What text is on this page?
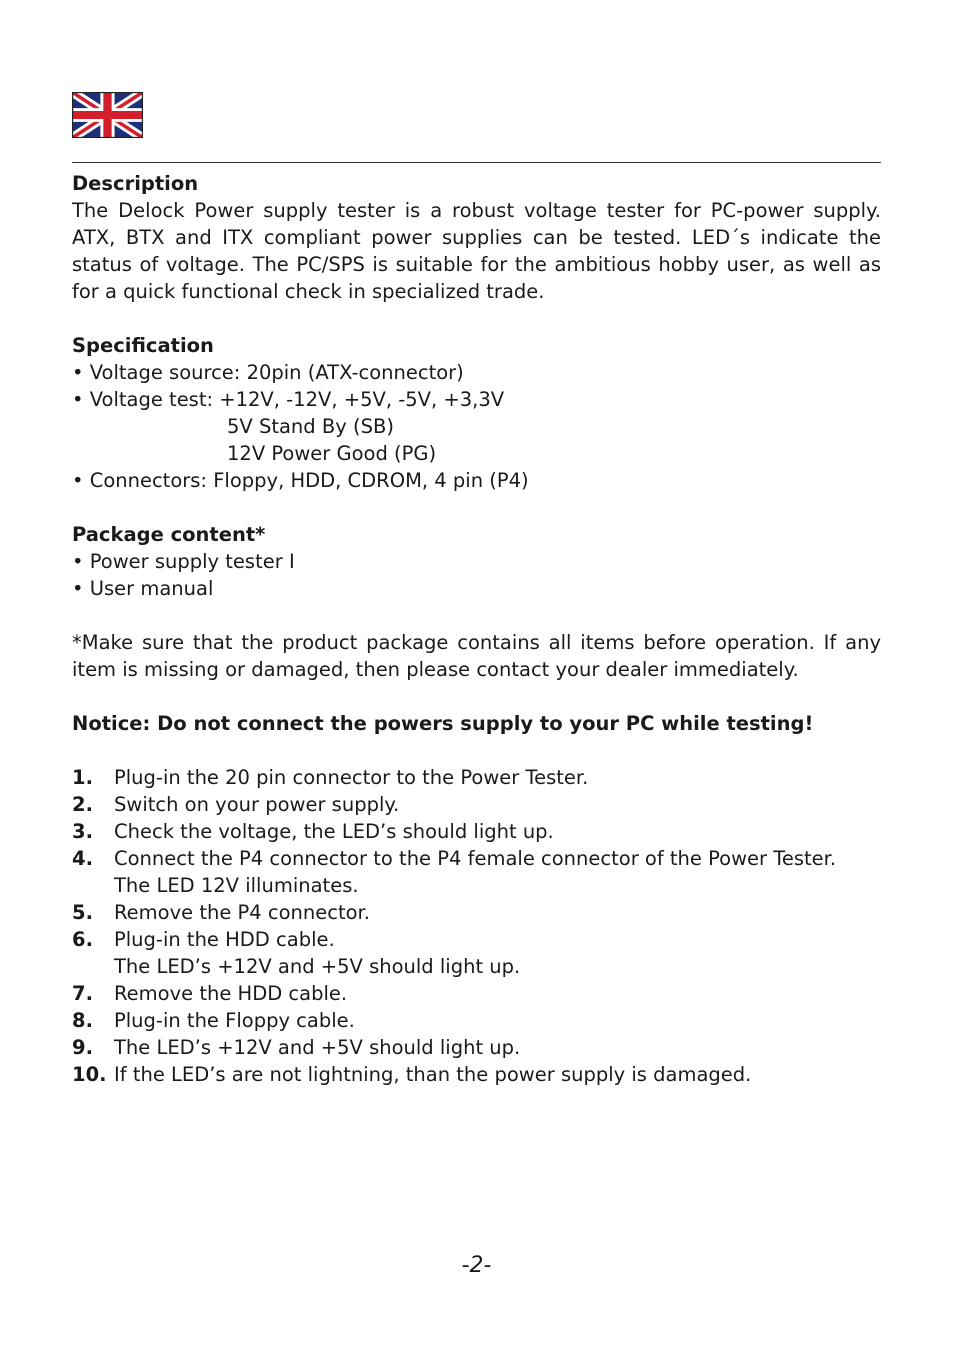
Description

The Delock Power supply tester is a robust voltage tester for PC-power supply. ATX, BTX and ITX compliant power supplies can be tested. LED´s indicate the status of voltage. The PC/SPS is suitable for the ambitious hobby user, as well as for a quick functional check in specialized trade.

Specification

• Voltage source: 20pin (ATX-connector)
• Voltage test: +12V, -12V, +5V, -5V, +3,3V
5V Stand By (SB)
12V Power Good (PG)
• Connectors: Floppy, HDD, CDROM, 4 pin (P4)

Package content*

• Power supply tester I
• User manual

*Make sure that the product package contains all items before operation. If any item is missing or damaged, then please contact your dealer immediately.

Notice: Do not connect the powers supply to your PC while testing!

1. Plug-in the 20 pin connector to the Power Tester.
2. Switch on your power supply.
3. Check the voltage, the LED’s should light up.
4. Connect the P4 connector to the P4 female connector of the Power Tester.
The LED 12V illuminates.
5. Remove the P4 connector.
6. Plug-in the HDD cable.
The LED’s +12V and +5V should light up.
7. Remove the HDD cable.
8. Plug-in the Floppy cable.
9. The LED’s +12V and +5V should light up.
10. If the LED’s are not lightning, than the power supply is damaged.
-2-
